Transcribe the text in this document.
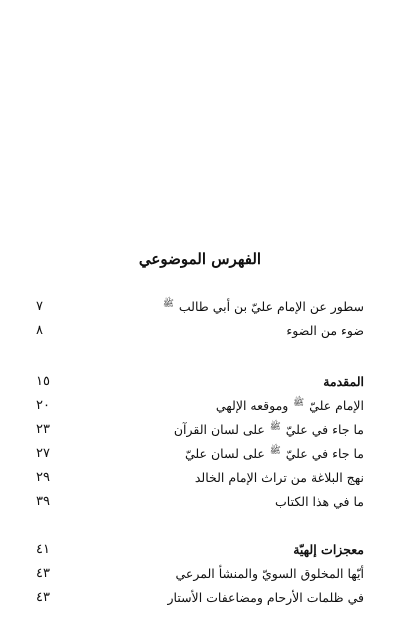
الفهرس الموضوعي
٧	سطور عن الإمام عليّ بن أبي طالب $^ﷺ$
٨	ضوء من الضوء
١٥	المقدمة
٢٠	الإمام عليّ $^ﷺ$ وموقعه الإلهي
٢٣	ما جاء في عليّ $^ﷺ$ على لسان القرآن
٢٧	ما جاء في عليّ $^ﷺ$ على لسان عليّ
٢٩	نهج البلاغة من تراث الإمام الخالد
٣٩	ما في هذا الكتاب
٤١	معجزات إلهيّة
٤٣	أيّها المخلوق السويّ والمنشأ المرعي
٤٣	في ظلمات الأرحام ومضاعفات الأستار
